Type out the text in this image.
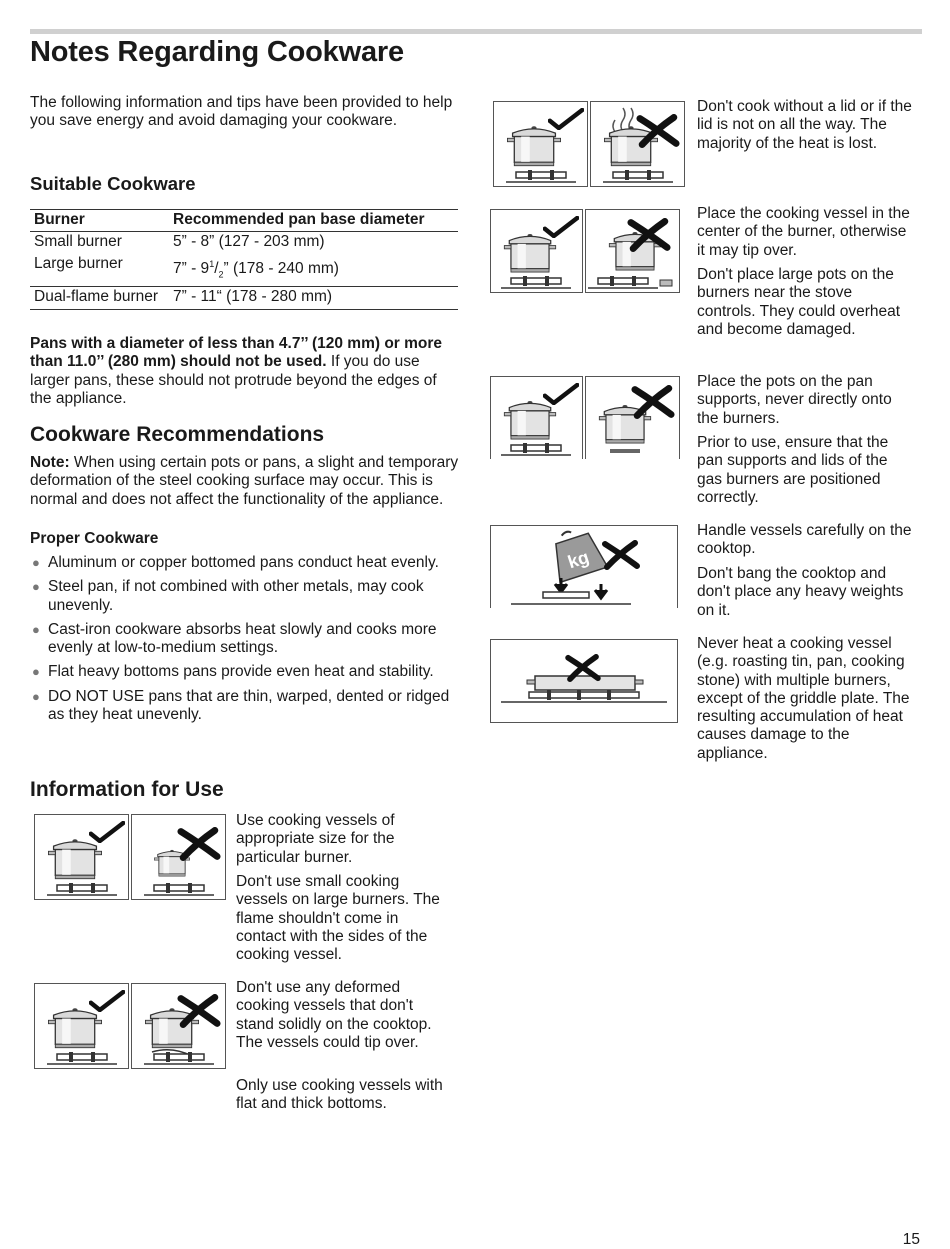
Notes Regarding Cookware

The following information and tips have been provided to help you save energy and avoid damaging your cookware.

Suitable Cookware
Burner	Recommended pan base diameter
Small burner	5” - 8” (127 - 203 mm)
Large burner	7” - $9^1/_2$” (178 - 240 mm)
Dual-flame burner	7” - 11“ (178 - 280 mm)

Pans with a diameter of less than 4.7’’ (120 mm) or more than 11.0’’ (280 mm) should not be used. If you do use larger pans, these should not protrude beyond the edges of the appliance.

Cookware Recommendations

Note: When using certain pots or pans, a slight and temporary deformation of the steel cooking surface may occur. This is normal and does not affect the functionality of the appliance.

Proper Cookware

● Aluminum or copper bottomed pans conduct heat evenly.
● Steel pan, if not combined with other metals, may cook unevenly.
● Cast-iron cookware absorbs heat slowly and cooks more evenly at low-to-medium settings.
● Flat heavy bottoms pans provide even heat and stability.
● DO NOT USE pans that are thin, warped, dented or ridged as they heat unevenly.
Information for Use

Use cooking vessels of appropriate size for the particular burner.

Don't use small cooking vessels on large burners. The flame shouldn't come in contact with the sides of the cooking vessel.

Don't use any deformed cooking vessels that don't stand solidly on the cooktop. The vessels could tip over.

Only use cooking vessels with flat and thick bottoms.

Don't cook without a lid or if the lid is not on all the way. The majority of the heat is lost.

Place the cooking vessel in the center of the burner, otherwise it may tip over.

Don't place large pots on the burners near the stove controls. They could overheat and become damaged.

Place the pots on the pan supports, never directly onto the burners.

Prior to use, ensure that the pan supports and lids of the gas burners are positioned correctly.

kg

Handle vessels carefully on the cooktop.

Don't bang the cooktop and don't place any heavy weights on it.

Never heat a cooking vessel (e.g. roasting tin, pan, cooking stone) with multiple burners, except of the griddle plate. The resulting accumulation of heat causes damage to the appliance.

15
